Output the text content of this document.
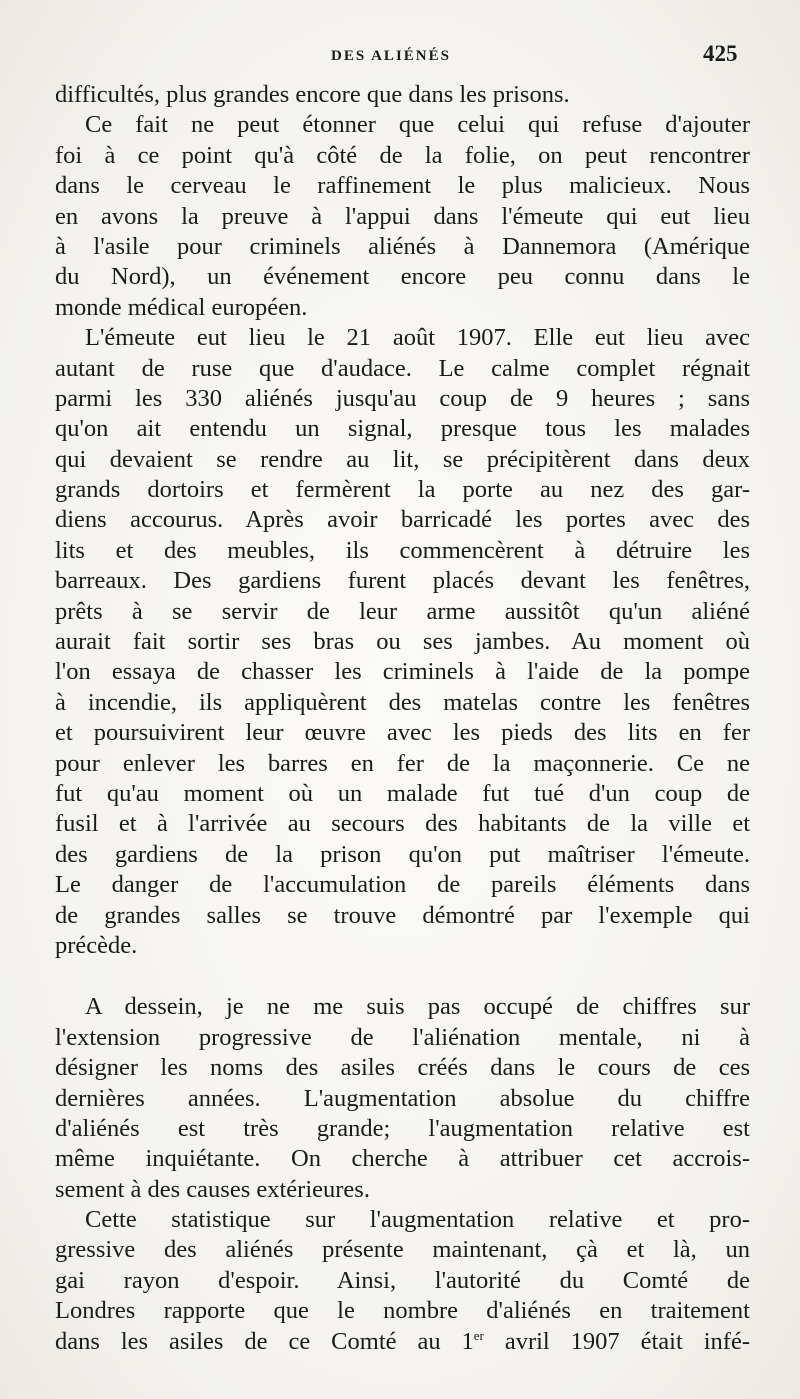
DES ALIÉNÉS	425
difficultés, plus grandes encore que dans les prisons.
Ce fait ne peut étonner que celui qui refuse d'ajouter
foi à ce point qu'à côté de la folie, on peut rencontrer
dans le cerveau le raffinement le plus malicieux. Nous
en avons la preuve à l'appui dans l'émeute qui eut lieu
à l'asile pour criminels aliénés à Dannemora (Amérique
du Nord), un événement encore peu connu dans le
monde médical européen.
L'émeute eut lieu le 21 août 1907. Elle eut lieu avec
autant de ruse que d'audace. Le calme complet régnait
parmi les 330 aliénés jusqu'au coup de 9 heures ; sans
qu'on ait entendu un signal, presque tous les malades
qui devaient se rendre au lit, se précipitèrent dans deux
grands dortoirs et fermèrent la porte au nez des gar-
diens accourus. Après avoir barricadé les portes avec des
lits et des meubles, ils commencèrent à détruire les
barreaux. Des gardiens furent placés devant les fenêtres,
prêts à se servir de leur arme aussitôt qu'un aliéné
aurait fait sortir ses bras ou ses jambes. Au moment où
l'on essaya de chasser les criminels à l'aide de la pompe
à incendie, ils appliquèrent des matelas contre les fenêtres
et poursuivirent leur œuvre avec les pieds des lits en fer
pour enlever les barres en fer de la maçonnerie. Ce ne
fut qu'au moment où un malade fut tué d'un coup de
fusil et à l'arrivée au secours des habitants de la ville et
des gardiens de la prison qu'on put maîtriser l'émeute.
Le danger de l'accumulation de pareils éléments dans
de grandes salles se trouve démontré par l'exemple qui
précède.
A dessein, je ne me suis pas occupé de chiffres sur
l'extension progressive de l'aliénation mentale, ni à
désigner les noms des asiles créés dans le cours de ces
dernières années. L'augmentation absolue du chiffre
d'aliénés est très grande; l'augmentation relative est
même inquiétante. On cherche à attribuer cet accrois-
sement à des causes extérieures.
Cette statistique sur l'augmentation relative et pro-
gressive des aliénés présente maintenant, çà et là, un
gai rayon d'espoir. Ainsi, l'autorité du Comté de
Londres rapporte que le nombre d'aliénés en traitement
dans les asiles de ce Comté au 1er avril 1907 était infé-
